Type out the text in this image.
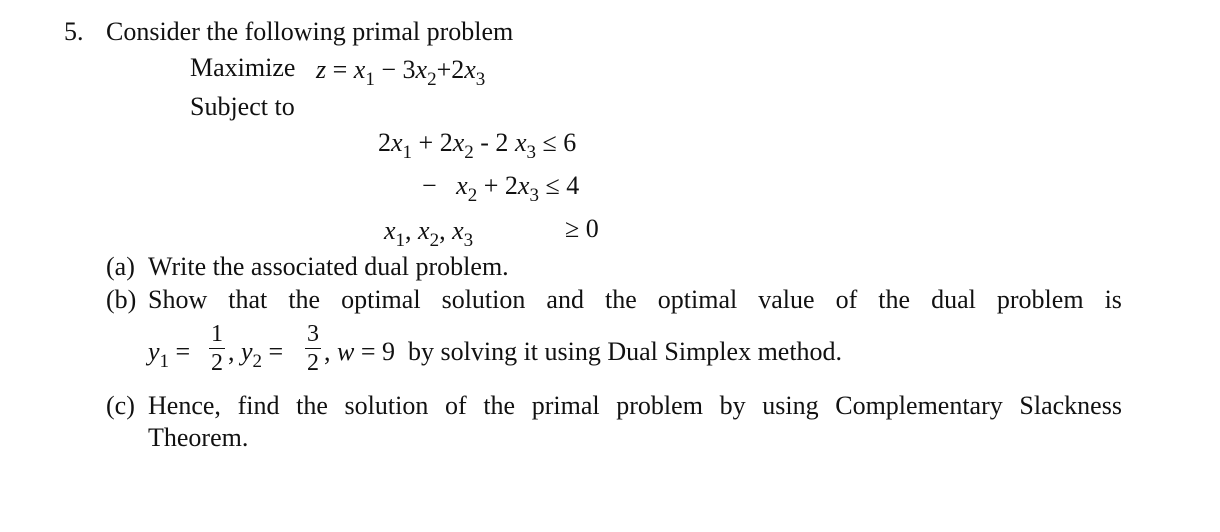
5. Consider the following primal problem
Maximize $z = x_1 - 3x_2+2x_3$
Subject to
$2x_1 + 2x_2 - 2$ $x_3 \le 6$
−   $x_2 + 2x_3 \le 4$
$x_1$, $x_2$, $x_3$	≥ 0
(a) Write the associated dual problem.
(b) Show that the optimal solution and the optimal value of the dual problem is
$y_1$ =
1
2 , $y_2$ =
3
2 , w = 9 by solving it using Dual Simplex method.
(c) Hence, find the solution of the primal problem by using Complementary Slackness
Theorem.
